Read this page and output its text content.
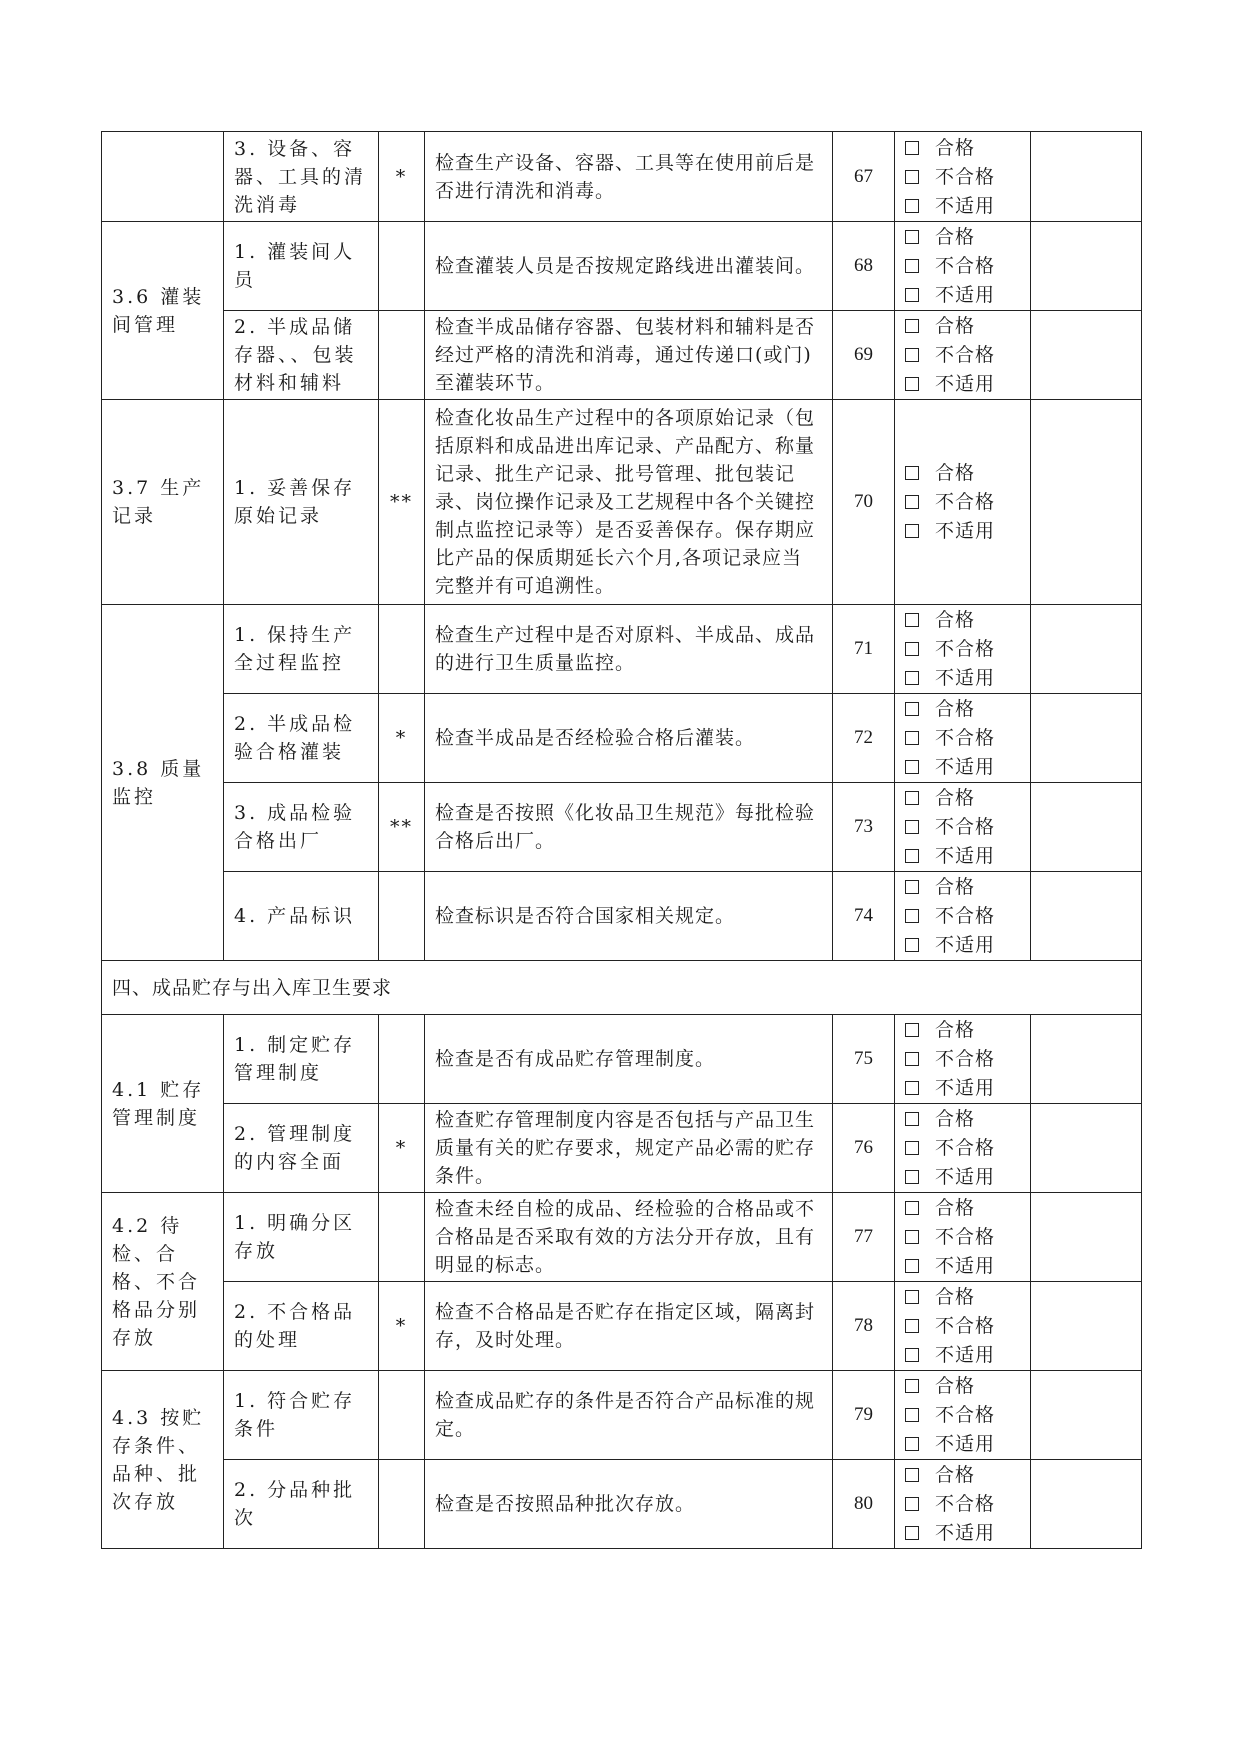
	3. 设备、容器、工具的清洗消毒	*	检查生产设备、容器、工具等在使用前后是否进行清洗和消毒。	67	合格
不合格
不适用	

3.6 灌装间管理	1. 灌装间人员		检查灌装人员是否按规定路线进出灌装间。	68	合格
不合格
不适用	

	2. 半成品储存器、、包装材料和辅料		检查半成品储存容器、包装材料和辅料是否经过严格的清洗和消毒，通过传递口(或门)至灌装环节。	69	合格
不合格
不适用	

3.7 生产记录	1. 妥善保存原始记录	**	检查化妆品生产过程中的各项原始记录（包括原料和成品进出库记录、产品配方、称量记录、批生产记录、批号管理、批包装记录、岗位操作记录及工艺规程中各个关键控制点监控记录等）是否妥善保存。保存期应比产品的保质期延长六个月,各项记录应当完整并有可追溯性。	70	合格
不合格
不适用	

3.8 质量监控	1. 保持生产全过程监控		检查生产过程中是否对原料、半成品、成品的进行卫生质量监控。	71	合格
不合格
不适用	

	2. 半成品检验合格灌装	*	检查半成品是否经检验合格后灌装。	72	合格
不合格
不适用	

	3. 成品检验合格出厂	**	检查是否按照《化妆品卫生规范》每批检验合格后出厂。	73	合格
不合格
不适用	

	4. 产品标识		检查标识是否符合国家相关规定。	74	合格
不合格
不适用	

四、成品贮存与出入库卫生要求						
4.1 贮存管理制度	1. 制定贮存管理制度		检查是否有成品贮存管理制度。	75	合格
不合格
不适用	

	2. 管理制度的内容全面	*	检查贮存管理制度内容是否包括与产品卫生质量有关的贮存要求，规定产品必需的贮存条件。	76	合格
不合格
不适用	

4.2 待检、合格、不合格品分别存放	1. 明确分区存放		检查未经自检的成品、经检验的合格品或不合格品是否采取有效的方法分开存放，且有明显的标志。	77	合格
不合格
不适用	

	2. 不合格品的处理	*	检查不合格品是否贮存在指定区域，隔离封存，及时处理。	78	合格
不合格
不适用	

4.3 按贮存条件、品种、批次存放	1. 符合贮存条件		检查成品贮存的条件是否符合产品标准的规定。	79	合格
不合格
不适用	

	2. 分品种批次		检查是否按照品种批次存放。	80	合格
不合格
不适用	
